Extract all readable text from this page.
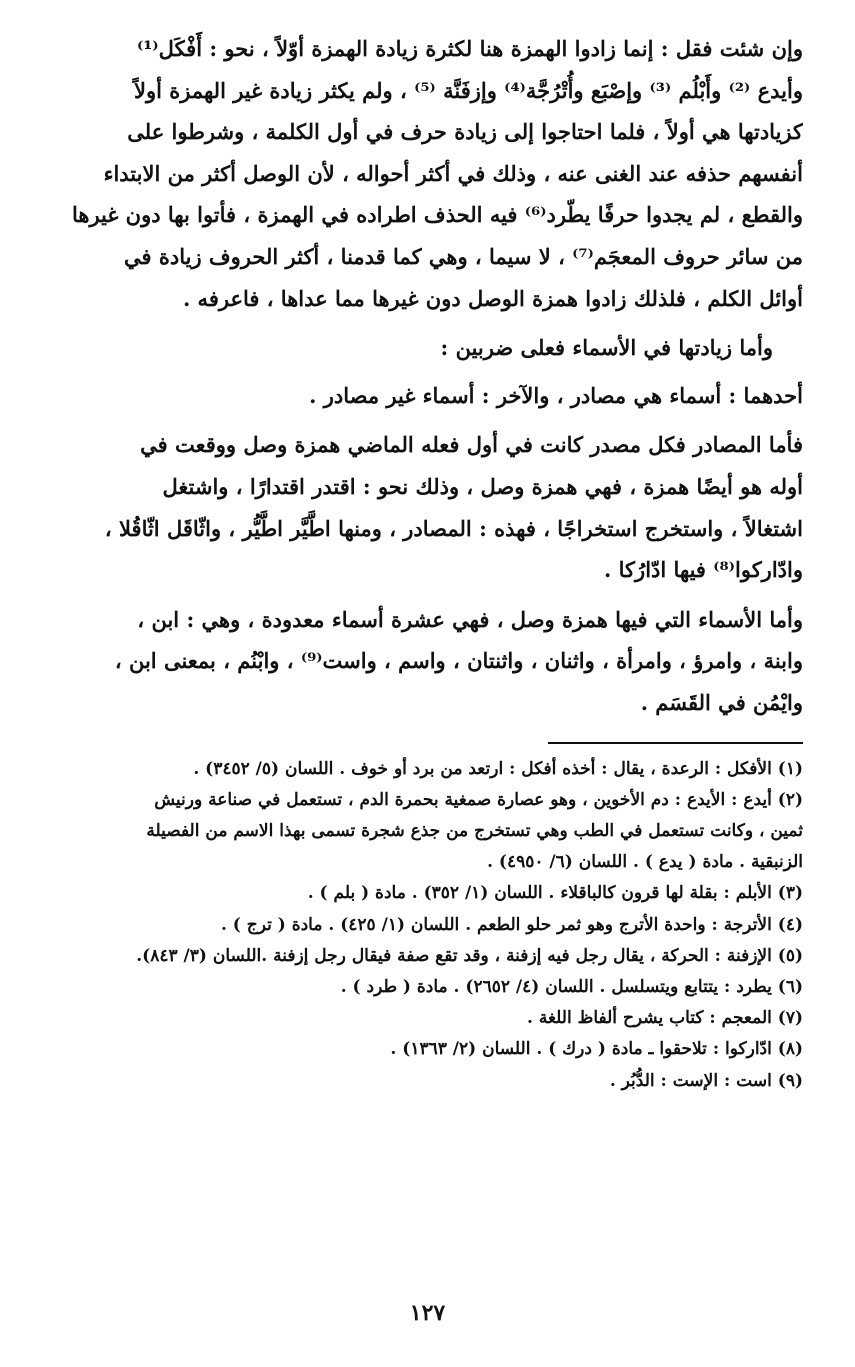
وإن شئت فقل : إنما زادوا الهمزة هنا لكثرة زيادة الهمزة أوّلاً ، نحو : أَفْكَل⁽¹⁾
وأيدع ⁽²⁾ وأَبْلُم ⁽³⁾ وإصْبَع وأُتْرُجَّة⁽⁴⁾ وإزفَنَّة ⁽⁵⁾ ، ولم يكثر زيادة غير الهمزة أولاً
كزيادتها هي أولاً ، فلما احتاجوا إلى زيادة حرف في أول الكلمة ، وشرطوا على
أنفسهم حذفه عند الغنى عنه ، وذلك في أكثر أحواله ، لأن الوصل أكثر من الابتداء
والقطع ، لم يجدوا حرفًا يطّرد⁽⁶⁾ فيه الحذف اطراده في الهمزة ، فأتوا بها دون غيرها
من سائر حروف المعجَم⁽⁷⁾ ، لا سيما ، وهي كما قدمنا ، أكثر الحروف زيادة في
أوائل الكلم ، فلذلك زادوا همزة الوصل دون غيرها مما عداها ، فاعرفه .
وأما زيادتها في الأسماء فعلى ضربين :
أحدهما : أسماء هي مصادر ، والآخر : أسماء غير مصادر .
فأما المصادر فكل مصدر كانت في أول فعله الماضي همزة وصل ووقعت في
أوله هو أيضًا همزة ، فهي همزة وصل ، وذلك نحو : اقتدر اقتدارًا ، واشتغل
اشتغالاً ، واستخرج استخراجًا ، فهذه : المصادر ، ومنها اطَّيَّر اطَّيُّر ، واثّاقَل اثّاقُلا ،
وادّاركوا⁽⁸⁾ فيها ادّارُكا .
وأما الأسماء التي فيها همزة وصل ، فهي عشرة أسماء معدودة ، وهي : ابن ،
وابنة ، وامرؤ ، وامرأة ، واثنان ، واثنتان ، واسم ، واست⁽⁹⁾ ، وابْنُم ، بمعنى ابن ،
وايْمُن في القَسَم .
(١) الأفكل : الرعدة ، يقال : أخذه أفكل : ارتعد من برد أو خوف . اللسان (٥/ ٣٤٥٢) .
(٢) أيدع : الأيدع : دم الأخوين ، وهو عصارة صمغية بحمرة الدم ، تستعمل في صناعة ورنيش
ثمين ، وكانت تستعمل في الطب وهي تستخرج من جذع شجرة تسمى بهذا الاسم من الفصيلة
الزنبقية . مادة ( يدع ) . اللسان (٦/ ٤٩٥٠) .
(٣) الأبلم : بقلة لها قرون كالباقلاء . اللسان (١/ ٣٥٢) . مادة ( بلم ) .
(٤) الأترجة : واحدة الأترج وهو ثمر حلو الطعم . اللسان (١/ ٤٢٥) . مادة ( ترج ) .
(٥) الإزفنة : الحركة ، يقال رجل فيه إزفنة ، وقد تقع صفة فيقال رجل إزفنة .اللسان (٣/ ٨٤٣).
(٦) يطرد : يتتابع ويتسلسل . اللسان (٤/ ٢٦٥٢) . مادة ( طرد ) .
(٧) المعجم : كتاب يشرح ألفاظ اللغة .
(٨) ادّاركوا : تلاحقوا ـ مادة ( درك ) . اللسان (٢/ ١٣٦٣) .
(٩) است : الإست : الدُّبُر .
١٢٧
